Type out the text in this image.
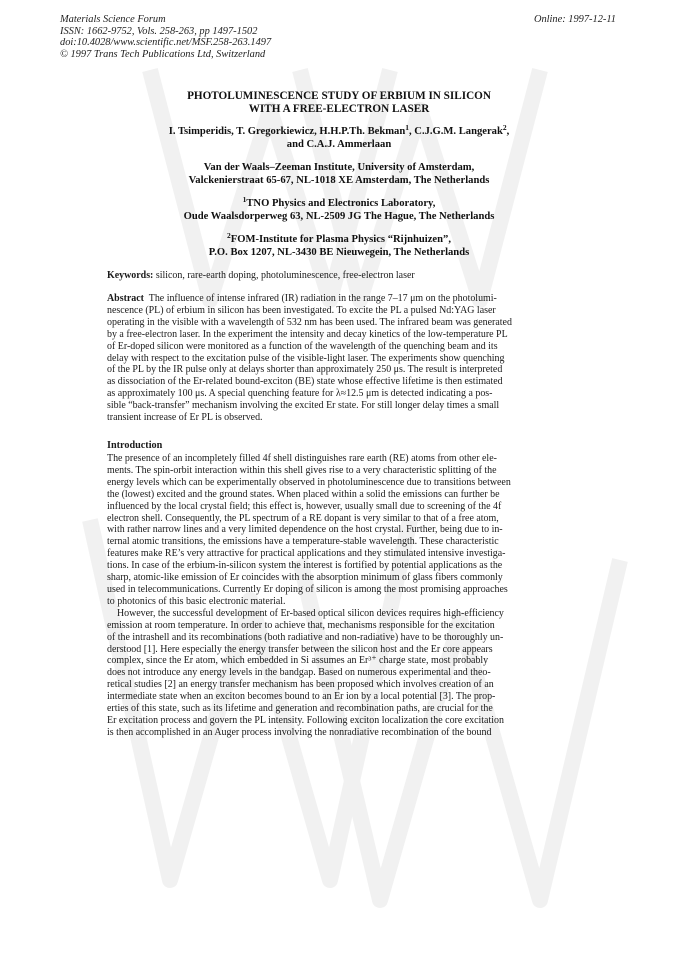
Materials Science Forum
ISSN: 1662-9752, Vols. 258-263, pp 1497-1502
doi:10.4028/www.scientific.net/MSF.258-263.1497
© 1997 Trans Tech Publications Ltd, Switzerland
Online: 1997-12-11
PHOTOLUMINESCENCE STUDY OF ERBIUM IN SILICON
WITH A FREE-ELECTRON LASER
I. Tsimperidis, T. Gregorkiewicz, H.H.P.Th. Bekman$^1$, C.J.G.M. Langerak$^2$,
and C.A.J. Ammerlaan
Van der Waals–Zeeman Institute, University of Amsterdam,
Valckenierstraat 65-67, NL-1018 XE Amsterdam, The Netherlands
$^1$TNO Physics and Electronics Laboratory,
Oude Waalsdorperweg 63, NL-2509 JG The Hague, The Netherlands
$^2$FOM-Institute for Plasma Physics “Rijnhuizen”,
P.O. Box 1207, NL-3430 BE Nieuwegein, The Netherlands
Keywords: silicon, rare-earth doping, photoluminescence, free-electron laser
Abstract  The influence of intense infrared (IR) radiation in the range 7–17 μm on the photolumi-
nescence (PL) of erbium in silicon has been investigated. To excite the PL a pulsed Nd:YAG laser
operating in the visible with a wavelength of 532 nm has been used. The infrared beam was generated
by a free-electron laser. In the experiment the intensity and decay kinetics of the low-temperature PL
of Er-doped silicon were monitored as a function of the wavelength of the quenching beam and its
delay with respect to the excitation pulse of the visible-light laser. The experiments show quenching
of the PL by the IR pulse only at delays shorter than approximately 250 μs. The result is interpreted
as dissociation of the Er-related bound-exciton (BE) state whose effective lifetime is then estimated
as approximately 100 μs. A special quenching feature for λ≈12.5 μm is detected indicating a pos-
sible “back-transfer” mechanism involving the excited Er state. For still longer delay times a small
transient increase of Er PL is observed.
Introduction
The presence of an incompletely filled 4f shell distinguishes rare earth (RE) atoms from other ele-
ments. The spin-orbit interaction within this shell gives rise to a very characteristic splitting of the
energy levels which can be experimentally observed in photoluminescence due to transitions between
the (lowest) excited and the ground states. When placed within a solid the emissions can further be
influenced by the local crystal field; this effect is, however, usually small due to screening of the 4f
electron shell. Consequently, the PL spectrum of a RE dopant is very similar to that of a free atom,
with rather narrow lines and a very limited dependence on the host crystal. Further, being due to in-
ternal atomic transitions, the emissions have a temperature-stable wavelength. These characteristic
features make RE’s very attractive for practical applications and they stimulated intensive investiga-
tions. In case of the erbium-in-silicon system the interest is fortified by potential applications as the
sharp, atomic-like emission of Er coincides with the absorption minimum of glass fibers commonly
used in telecommunications. Currently Er doping of silicon is among the most promising approaches
to photonics of this basic electronic material.
However, the successful development of Er-based optical silicon devices requires high-efficiency
emission at room temperature. In order to achieve that, mechanisms responsible for the excitation
of the intrashell and its recombinations (both radiative and non-radiative) have to be thoroughly un-
derstood [1]. Here especially the energy transfer between the silicon host and the Er core appears
complex, since the Er atom, which embedded in Si assumes an Er³⁺ charge state, most probably
does not introduce any energy levels in the bandgap. Based on numerous experimental and theo-
retical studies [2] an energy transfer mechanism has been proposed which involves creation of an
intermediate state when an exciton becomes bound to an Er ion by a local potential [3]. The prop-
erties of this state, such as its lifetime and generation and recombination paths, are crucial for the
Er excitation process and govern the PL intensity. Following exciton localization the core excitation
is then accomplished in an Auger process involving the nonradiative recombination of the bound
